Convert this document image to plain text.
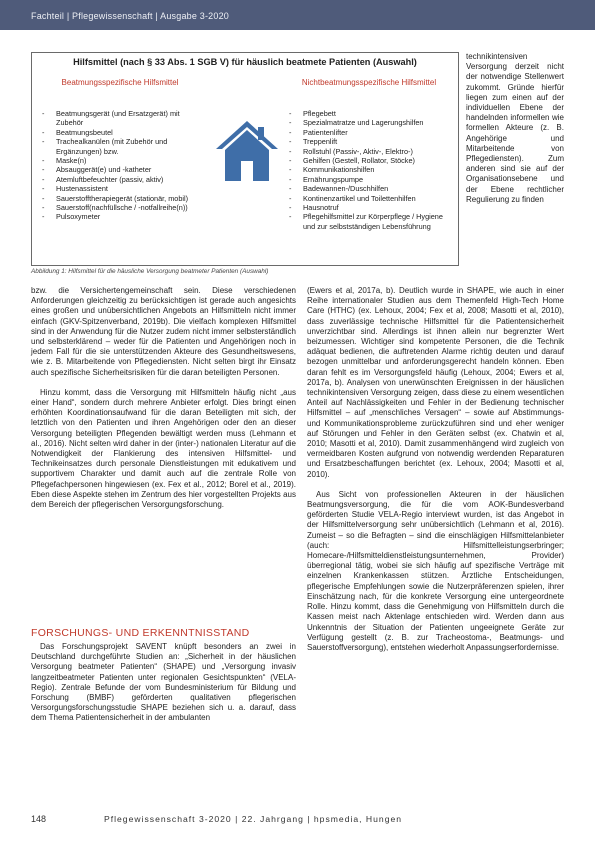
Fachteil | Pflegewissenschaft | Ausgabe 3-2020
Hilfsmittel (nach § 33 Abs. 1 SGB V) für häuslich beatmete Patienten (Auswahl)
Beatmungsspezifische Hilfsmittel	Nichtbeatmungsspezifische Hilfsmittel
- Beatmungsgerät (und Ersatzgerät) mit Zubehör
- Beatmungsbeutel
- Trachealkanülen (mit Zubehör und Ergänzungen) bzw.
- Maske(n)
- Absauggerät(e) und -katheter
- Atemluftbefeuchter (passiv, aktiv)
- Hustenassistent
- Sauerstofftherapiegerät (stationär, mobil)
- Sauerstoff(nachfüllsche / -notfallreihe(n))
- Pulsoxymeter
- Pflegebett
- Spezialmatratze und Lagerungshilfen
- Patientenlifter
- Treppenlift
- Rollstuhl (Passiv-, Aktiv-, Elektro-)
- Gehilfen (Gestell, Rollator, Stöcke)
- Kommunikationshilfen
- Ernährungspumpe
- Badewannen-/Duschhilfen
- Kontinenzartikel und Toilettenhilfen
- Hausnotruf
- Pflegehilfsmittel zur Körperpflege / Hygiene und zur selbstständigen Lebensführung
Abbildung 1: Hilfsmittel für die häusliche Versorgung beatmeter Patienten (Auswahl)

technikintensiven Versorgung derzeit nicht der notwendige Stellenwert zukommt. Gründe hierfür liegen zum einen auf der individuellen Ebene der handelnden informellen wie formellen Akteure (z. B. Angehörige und Mitarbeitende von Pflegediensten). Zum anderen sind sie auf der Organisationsebene und der Ebene rechtlicher Regulierung zu finden

bzw. die Versichertengemeinschaft sein. Diese verschiedenen Anforderungen gleichzeitig zu berücksichtigen ist gerade auch angesichts eines großen und unübersichtlichen Angebots an Hilfsmitteln nicht immer einfach (GKV-Spitzenverband, 2019b). Die vielfach komplexen Hilfsmittel sind in der Anwendung für die Nutzer zudem nicht immer selbsterständlich und selbsterklärend – weder für die Patienten und Angehörigen noch in jedem Fall für die sie unterstützenden Akteure des Gesundheitswesens, wie z. B. Mitarbeitende von Pflegediensten. Nicht selten birgt ihr Einsatz auch spezifische Sicherheitsrisiken für die daran beteiligten Personen.

Hinzu kommt, dass die Versorgung mit Hilfsmitteln häufig nicht „aus einer Hand“, sondern durch mehrere Anbieter erfolgt. Dies bringt einen erhöhten Koordinationsaufwand für die daran Beteiligten mit sich, der letztlich von den Patienten und ihren Angehörigen oder den an dieser Versorgung beteiligten Pflegenden bewältigt werden muss (Lehmann et al., 2016). Nicht selten wird daher in der (inter-) nationalen Literatur auf die Notwendigkeit der Flankierung des intensiven Hilfsmittel- und Technikeinsatzes durch personale Dienstleistungen mit edukativem und supportivem Charakter und damit auch auf die zentrale Rolle von Pflegefachpersonen hingewiesen (ex. Fex et al., 2012; Borel et al., 2019). Eben diese Aspekte stehen im Zentrum des hier vorgestellten Projekts aus dem Bereich der pflegerischen Versorgungsforschung.

FORSCHUNGS- UND ERKENNTNISSTAND

Das Forschungsprojekt SAVENT knüpft besonders an zwei in Deutschland durchgeführte Studien an: „Sicherheit in der häuslichen Versorgung beatmeter Patienten“ (SHAPE) und „Versorgung invasiv langzeitbeatmeter Patienten unter regionalen Gesichtspunkten“ (VELA-Regio). Zentrale Befunde der vom Bundesministerium für Bildung und Forschung (BMBF) geförderten qualitativen pflegerischen Versorgungsforschungsstudie SHAPE beziehen sich u. a. darauf, dass dem Thema Patientensicherheit in der ambulanten

(Ewers et al, 2017a, b). Deutlich wurde in SHAPE, wie auch in einer Reihe internationaler Studien aus dem Themenfeld High-Tech Home Care (HTHC) (ex. Lehoux, 2004; Fex et al, 2008; Masotti et al, 2010), dass zuverlässige technische Hilfsmittel für die Patientensicherheit unverzichtbar sind. Allerdings ist ihnen allein nur begrenzter Wert beizumessen. Wichtiger sind kompetente Personen, die die Technik adäquat bedienen, die auftretenden Alarme richtig deuten und darauf bezogen unmittelbar und anforderungsgerecht handeln können. Eben daran fehlt es im Versorgungsfeld häufig (Lehoux, 2004; Ewers et al, 2017a, b). Analysen von unerwünschten Ereignissen in der häuslichen technikintensiven Versorgung zeigen, dass diese zu einem wesentlichen Anteil auf Nachlässigkeiten und Fehler in der Bedienung technischer Hilfsmittel – auf „menschliches Versagen“ – sowie auf Abstimmungs- und Kommunikationsprobleme zurückzuführen sind und eher weniger auf Störungen und Fehler in den Geräten selbst (ex. Chatwin et al, 2010; Masotti et al, 2010). Damit zusammenhängend wird zugleich von vermeidbaren Kosten aufgrund von notwendig werdenden Reparaturen und Ersatzbeschaffungen berichtet (ex. Lehoux, 2004; Masotti et al, 2010).

Aus Sicht von professionellen Akteuren in der häuslichen Beatmungsversorgung, die für die vom AOK-Bundesverband geförderten Studie VELA-Regio interviewt wurden, ist das Angebot in der Hilfsmittelversorgung sehr unübersichtlich (Lehmann et al, 2016). Zumeist – so die Befragten – sind die einschlägigen Hilfsmittelanbieter (auch: Hilfsmittelleistungserbringer; Homecare-/Hilfsmitteldienstleistungsunternehmen, Provider) überregional tätig, wobei sie sich häufig auf spezifische Verträge mit einzelnen Krankenkassen stützen. Ärztliche Entscheidungen, pflegerische Empfehlungen sowie die Nutzerpräferenzen spielen, ihrer Einschätzung nach, für die konkrete Versorgung eine untergeordnete Rolle. Hinzu kommt, dass die Genehmigung von Hilfsmitteln durch die Kassen meist nach Aktenlage entschieden wird. Werden dann aus Unkenntnis der Situation der Patienten ungeeignete Geräte zur Verfügung gestellt (z. B. zur Tracheostoma-, Beatmungs- und Sauerstoffversorgung), entstehen wiederholt Anpassungserfordernisse.

148	Pflegewissenschaft 3-2020 | 22. Jahrgang | hpsmedia, Hungen
